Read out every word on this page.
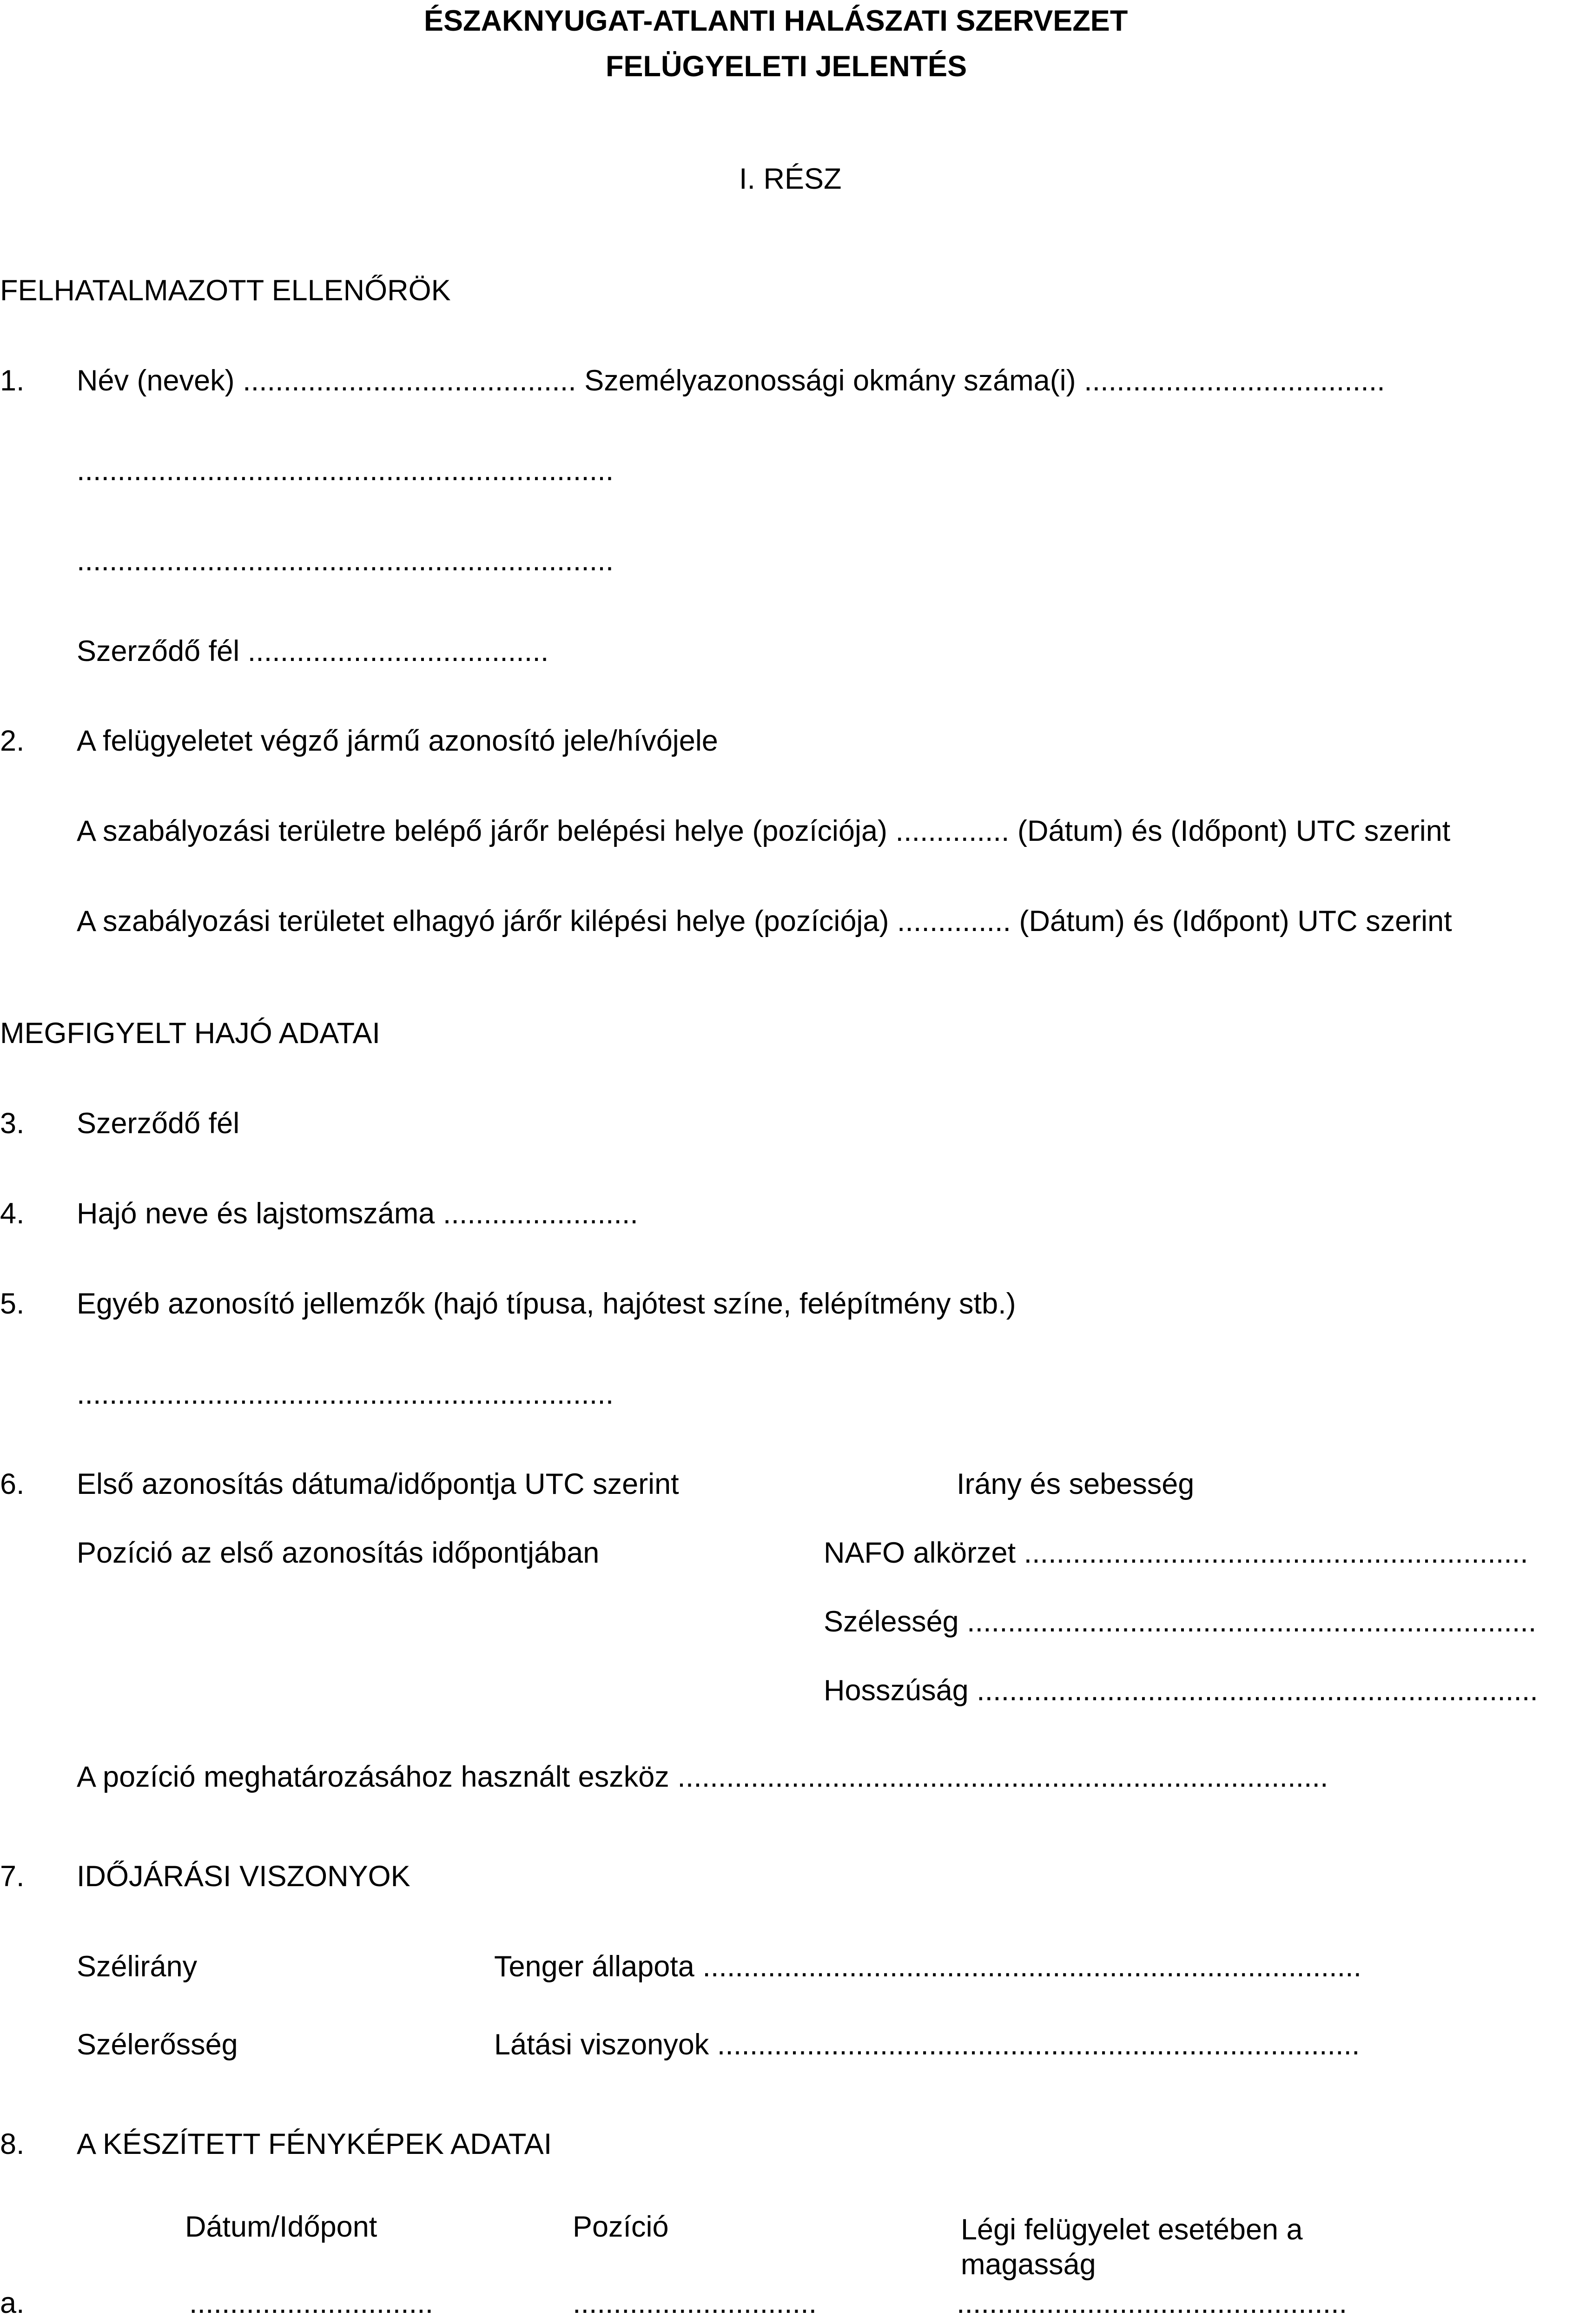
ÉSZAKNYUGAT-ATLANTI HALÁSZATI SZERVEZET
FELÜGYELETI JELENTÉS
I. RÉSZ
FELHATALMAZOTT ELLENŐRÖK
1. Név (nevek) ......................................... Személyazonossági okmány száma(i) .....................................
..................................................................
..................................................................
Szerződő fél .....................................
2. A felügyeletet végző jármű azonosító jele/hívójele
A szabályozási területre belépő járőr belépési helye (pozíciója) .............. (Dátum) és (Időpont) UTC szerint
A szabályozási területet elhagyó járőr kilépési helye (pozíciója) .............. (Dátum) és (Időpont) UTC szerint
MEGFIGYELT HAJÓ ADATAI
3. Szerződő fél
4. Hajó neve és lajstomszáma ........................
5. Egyéb azonosító jellemzők (hajó típusa, hajótest színe, felépítmény stb.)
..................................................................
6. Első azonosítás dátuma/időpontja UTC szerint	Irány és sebesség
Pozíció az első azonosítás időpontjában	NAFO alkörzet ..............................................................
Szélesség ......................................................................
Hosszúság .....................................................................
A pozíció meghatározásához használt eszköz ................................................................................
7. IDŐJÁRÁSI VISZONYOK
Szélirány	Tenger állapota .................................................................................
Szélerősség	Látási viszonyok ...............................................................................
8. A KÉSZÍTETT FÉNYKÉPEK ADATAI
Dátum/Időpont	Pozíció	Légi felügyelet esetében a magasság
a.	..............................	..............................	................................................
